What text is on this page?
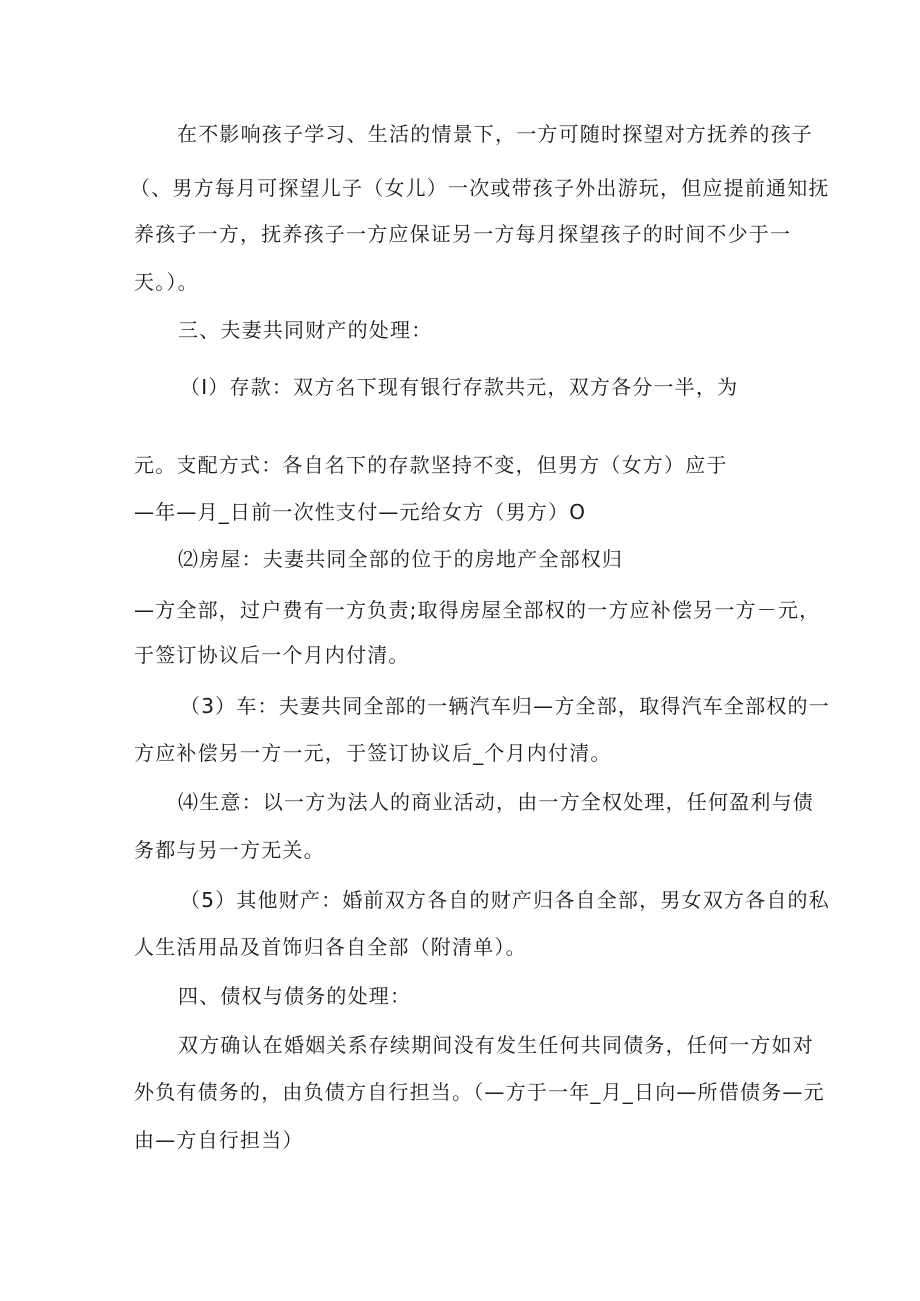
在不影响孩子学习、生活的情景下，一方可随时探望对方抚养的孩子
（、男方每月可探望儿子（女儿）一次或带孩子外出游玩，但应提前通知抚
养孩子一方，抚养孩子一方应保证另一方每月探望孩子的时间不少于一
天。）。
三、夫妻共同财产的处理：
（I）存款：双方名下现有银行存款共元，双方各分一半，为
元。支配方式：各自名下的存款坚持不变，但男方（女方）应于
—年—月_日前一次性支付—元给女方（男方）O
⑵房屋：夫妻共同全部的位于的房地产全部权归
—方全部，过户费有一方负责;取得房屋全部权的一方应补偿另一方－元，
于签订协议后一个月内付清。
（3）车：夫妻共同全部的一辆汽车归—方全部，取得汽车全部权的一
方应补偿另一方一元，于签订协议后_个月内付清。
⑷生意：以一方为法人的商业活动，由一方全权处理，任何盈利与债
务都与另一方无关。
（5）其他财产：婚前双方各自的财产归各自全部，男女双方各自的私
人生活用品及首饰归各自全部（附清单）。
四、债权与债务的处理：
双方确认在婚姻关系存续期间没有发生任何共同债务，任何一方如对
外负有债务的，由负债方自行担当。（—方于一年_月_日向—所借债务—元
由—方自行担当）
